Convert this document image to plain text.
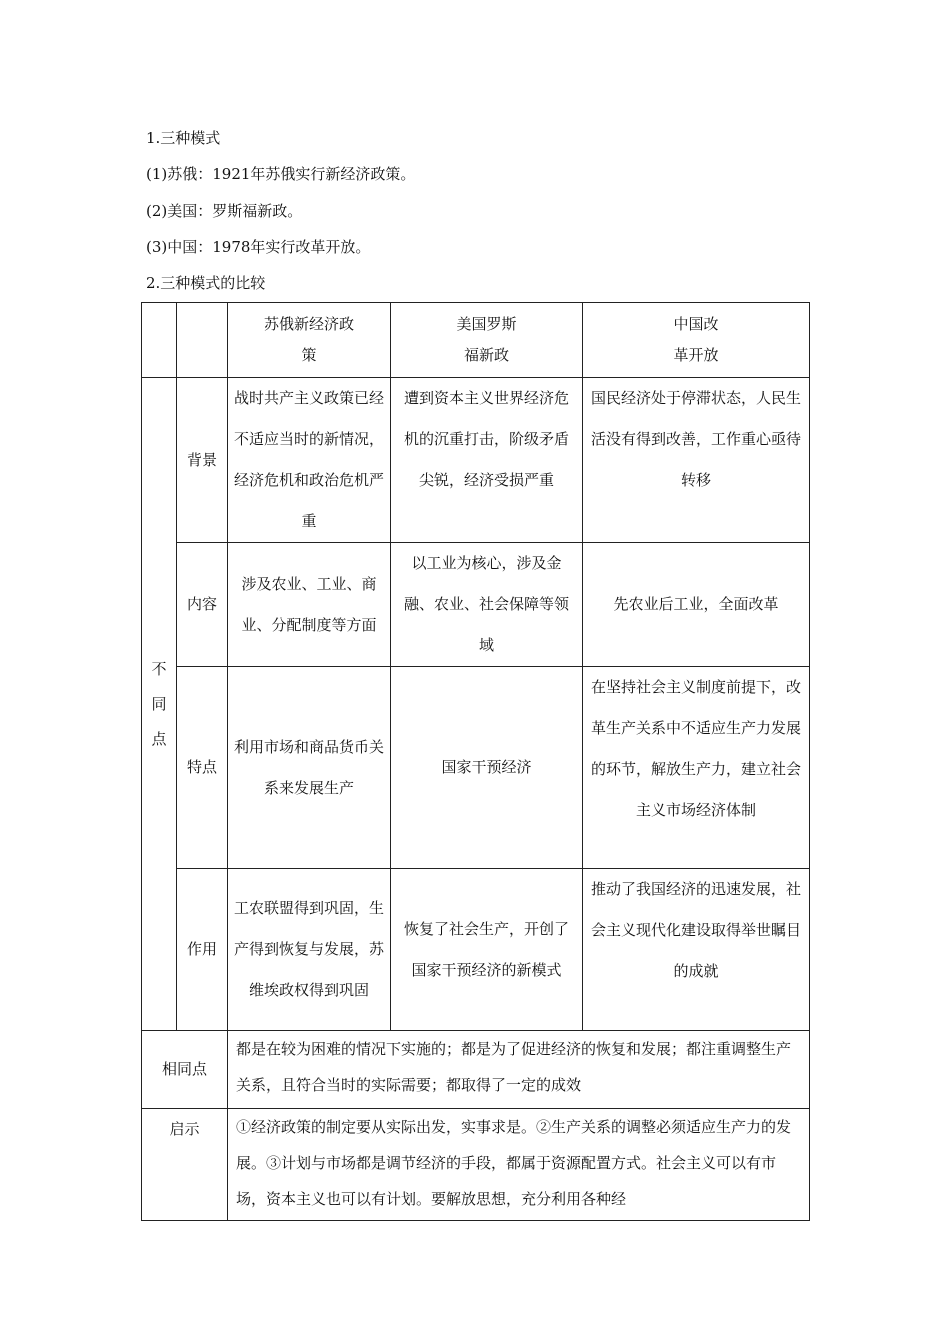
1.三种模式
(1)苏俄：1921年苏俄实行新经济政策。
(2)美国：罗斯福新政。
(3)中国：1978年实行改革开放。
2.三种模式的比较

		苏俄新经济政策	美国罗斯福新政	中国改革开放

不同点	背景	战时共产主义政策已经不适应当时的新情况，经济危机和政治危机严重	遭到资本主义世界经济危机的沉重打击，阶级矛盾尖锐，经济受损严重	国民经济处于停滞状态，人民生活没有得到改善，工作重心亟待转移
	内容	涉及农业、工业、商业、分配制度等方面	以工业为核心，涉及金融、农业、社会保障等领域	先农业后工业，全面改革
	特点	利用市场和商品货币关系来发展生产	国家干预经济	在坚持社会主义制度前提下，改革生产关系中不适应生产力发展的环节，解放生产力，建立社会主义市场经济体制
	作用	工农联盟得到巩固，生产得到恢复与发展，苏维埃政权得到巩固	恢复了社会生产，开创了国家干预经济的新模式	推动了我国经济的迅速发展，社会主义现代化建设取得举世瞩目的成就
相同点		都是在较为困难的情况下实施的；都是为了促进经济的恢复和发展；都注重调整生产关系，且符合当时的实际需要；都取得了一定的成效		
启示		①经济政策的制定要从实际出发，实事求是。②生产关系的调整必须适应生产力的发展。③计划与市场都是调节经济的手段，都属于资源配置方式。社会主义可以有市场，资本主义也可以有计划。要解放思想，充分利用各种经		
